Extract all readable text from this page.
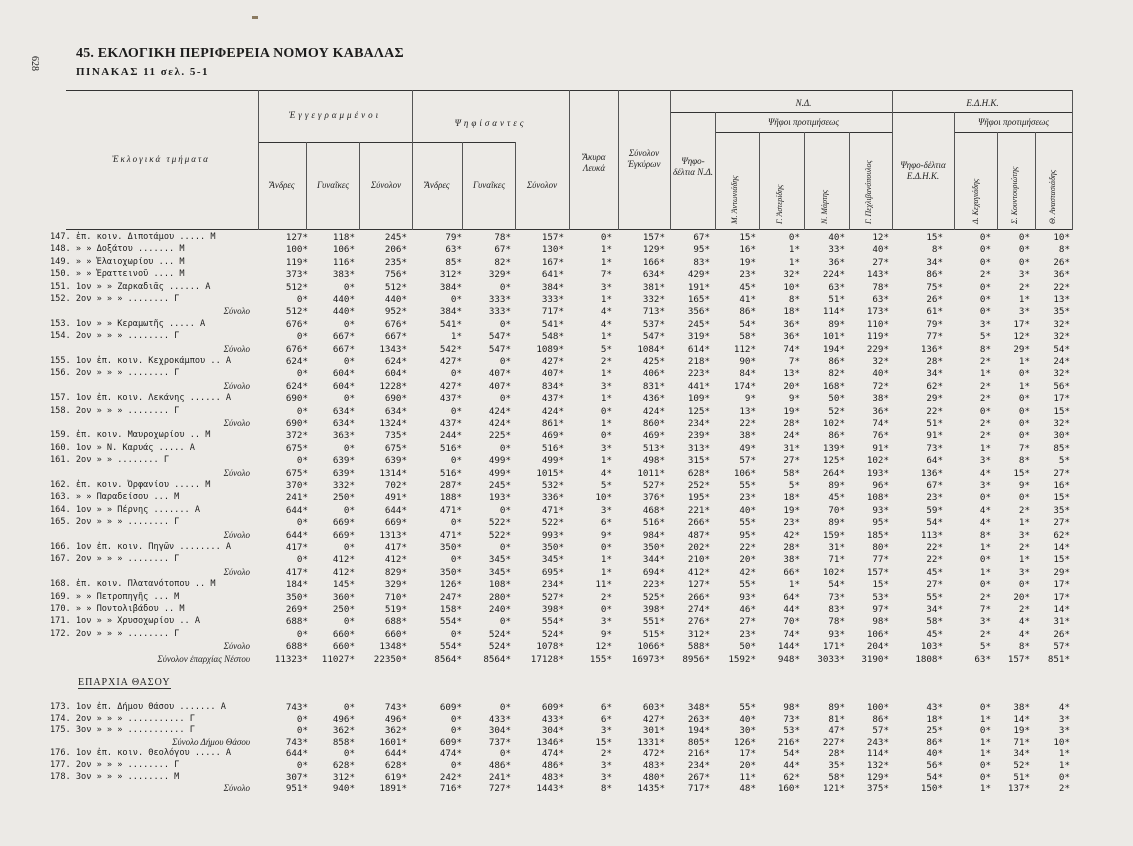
628
45. ΕΚΛΟΓΙΚΗ ΠΕΡΙΦΕΡΕΙΑ ΝΟΜΟΥ ΚΑΒΑΛΑΣ
ΠΙΝΑΚΑΣ 11 σελ. 5-1
Ἐκλογικά τμήματα
Ἐγγεγραμμένοι
Ψηφίσαντες
Ἄνδρες	Γυναῖκες	Σύνολον	Ἄνδρες	Γυναῖκες	Σύνολον
Ἄκυρα Λευκά
Σύνολον Ἐγκύρων
Ν.Δ.
Ψηφο-δέλτια Ν.Δ.
Ψῆφοι προτιμήσεως
Μ. Ἀντωνιάδης	Γ. Ἀστερίδης	Ν. Μάρτης	Γ. Πεχλιβανόπουλος
Ε.Δ.Η.Κ.
Ψηφο-δέλτια Ε.Δ.Η.Κ.
Ψῆφοι προτιμήσεως
Δ. Κεχαγιάδης	Σ. Κουντουριώτης	Θ. Αναστασιάδης
147. ἐπ. κοιν. Διποτάμου ..... Μ	127*	118*	245*	79*	78*	157*	0*	157*	67*	15*	0*	40*	12*	15*	0*	0*	10*
148. » » Δοξάτου ....... Μ	100*	106*	206*	63*	67*	130*	1*	129*	95*	16*	1*	33*	40*	8*	0*	0*	8*
149. » » Ἐλαιοχωρίου ... Μ	119*	116*	235*	85*	82*	167*	1*	166*	83*	19*	1*	36*	27*	34*	0*	0*	26*
150. » » Ἐραττεινοῦ .... Μ	373*	383*	756*	312*	329*	641*	7*	634* 429*	23*	32* 224* 143*	86*	2*	3*	36*
151. 1ον » » Ζαρκαδιᾶς ...... Α	512*	0*	512*	384*	0*	384*	3*	381* 191*	45*	10*	63*	78*	75*	0*	2*	22*
152. 2ον » » » ........ Γ	0*	440*	440*	0*	333*	333*	1*	332* 165*	41*	8*	51*	63*	26*	0*	1*	13*
Σύνολο	512*	440*	952*	384*	333*	717*	4*	713* 356*	86*	18* 114* 173*	61*	0*	3*	35*
153. 1ον » » Κεραμωτῆς ..... Α	676*	0*	676*	541*	0*	541*	4*	537* 245*	54*	36*	89* 110*	79*	3* 17*	32*
154. 2ον » » » ........ Γ	0*	667*	667*	1*	547*	548*	1*	547* 319*	58*	36* 101* 119*	77*	5* 12*	32*
Σύνολο	676*	667*	1343*	542*	547*	1089*	5*	1084* 614*	112*	74* 194* 229*	136*	8* 29*	54*
155. 1ον ἐπ. κοιν. Κεχροκάμπου .. Α	624*	0*	624*	427*	0*	427*	2*	425* 218*	90*	7*	86*	32*	28*	2*	1*	24*
156. 2ον » » » ........ Γ	0*	604*	604*	0*	407*	407*	1*	406* 223*	84*	13*	82*	40*	34*	1*	0*	32*
Σύνολο	624*	604*	1228*	427*	407*	834*	3*	831* 441*	174*	20* 168*	72*	62*	2*	1*	56*
157. 1ον ἐπ. κοιν. Λεκάνης ...... Α	690*	0*	690*	437*	0*	437*	1*	436* 109*	9*	9*	50*	38*	29*	2*	0*	17*
158. 2ον » » » ........ Γ	0*	634*	634*	0*	424*	424*	0*	424* 125*	13*	19*	52*	36*	22*	0*	0*	15*
Σύνολο	690*	634*	1324*	437*	424*	861*	1*	860* 234*	22*	28* 102*	74*	51*	2*	0*	32*
159. ἐπ. κοιν. Μαυροχωρίου .. Μ	372*	363*	735*	244*	225*	469*	0*	469* 239*	38*	24*	86*	76*	91*	2*	0*	30*
160. 1ον » Ν. Καρυάς ..... Α	675*	0*	675*	516*	0*	516*	3*	513* 313*	49*	31* 139*	91*	73*	1*	7*	85*
161. 2ον » » ........ Γ	0*	639*	639*	0*	499*	499*	1*	498* 315*	57*	27* 125* 102*	64*	3*	8*	5*
Σύνολο	675*	639*	1314*	516*	499*	1015*	4*	1011* 628*	106*	58* 264* 193*	136*	4* 15*	27*
162. ἐπ. κοιν. Ὀρφανίου ..... Μ	370*	332*	702*	287*	245*	532*	5*	527* 252*	55*	5*	89*	96*	67*	3*	9*	16*
163. » » Παραδείσου ... Μ	241*	250*	491*	188*	193*	336*	10*	376* 195*	23*	18*	45* 108*	23*	0*	0*	15*
164. 1ον » » Πέρνης ....... Α	644*	0*	644*	471*	0*	471*	3*	468* 221*	40*	19*	70*	93*	59*	4*	2*	35*
165. 2ον » » » ........ Γ	0*	669*	669*	0*	522*	522*	6*	516* 266*	55*	23*	89*	95*	54*	4*	1*	27*
Σύνολο	644*	669*	1313*	471*	522*	993*	9*	984* 487*	95*	42* 159* 185*	113*	8*	3*	62*
166. 1ον ἐπ. κοιν. Πηγῶν ........ Α	417*	0*	417*	350*	0*	350*	0*	350* 202*	22*	28*	31*	80*	22*	1*	2*	14*
167. 2ον » » » ........ Γ	0*	412*	412*	0*	345*	345*	1*	344* 210*	20*	38*	71*	77*	22*	0*	1*	15*
Σύνολο	417*	412*	829*	350*	345*	695*	1*	694* 412*	42*	66* 102* 157*	45*	1*	3*	29*
168. ἐπ. κοιν. Πλατανότοπου .. Μ	184*	145*	329*	126*	108*	234*	11*	223* 127*	55*	1*	54*	15*	27*	0*	0*	17*
169. » » Πετροπηγῆς ... Μ	350*	360*	710*	247*	280*	527*	2*	525* 266*	93*	64*	73*	53*	55*	2* 20*	17*
170. » » Ποντολιβάδου .. Μ	269*	250*	519*	158*	240*	398*	0*	398* 274*	46*	44*	83*	97*	34*	7*	2*	14*
171. 1ον » » Χρυσοχωρίου .. Α	688*	0*	688*	554*	0*	554*	3*	551* 276*	27*	70*	78*	98*	58*	3*	4*	31*
172. 2ον » » » ........ Γ	0*	660*	660*	0*	524*	524*	9*	515* 312*	23*	74*	93* 106*	45*	2*	4*	26*
Σύνολο	688*	660*	1348*	554*	524*	1078*	12*	1066* 588*	50* 144* 171* 204*	103*	5*	8*	57*
Σύνολον ἐπαρχίας Νέστου	11323* 11027* 22350*	8564* 8564* 17128*	155* 16973* 8956* 1592* 948* 3033* 3190*	1808*	63* 157* 851*
173. 1ον ἐπ. Δήμου Θάσου ....... Α	743*	0*	743*	609*	0*	609*	6*	603* 348*	55*	98*	89* 100*	43*	0* 38*	4*
174. 2ον » » » ........... Γ	0*	496*	496*	0*	433*	433*	6*	427* 263*	40*	73*	81*	86*	18*	1* 14*	3*
175. 3ον » » » ........... Γ	0*	362*	362*	0*	304*	304*	3*	301* 194*	30*	53*	47*	57*	25*	0* 19*	3*
Σύνολο Δήμου Θάσου	743*	858*	1601*	609*	737*	1346*	15*	1331* 805*	126* 216* 227* 243*	86*	1* 71*	10*
176. 1ον ἐπ. κοιν. Θεολόγου ..... Α	644*	0*	644*	474*	0*	474*	2*	472* 216*	17*	54*	28* 114*	40*	1* 34*	1*
177. 2ον » » » ........ Γ	0*	628*	628*	0*	486*	486*	3*	483* 234*	20*	44*	35* 132*	56*	0* 52*	1*
178. 3ον » » » ........ Μ	307*	312*	619*	242*	241*	483*	3*	480* 267*	11*	62*	58* 129*	54*	0* 51*	0*
Σύνολο	951*	940*	1891*	716*	727*	1443*	8*	1435* 717*	48* 160* 121* 375*	150*	1* 137*	2*
ΕΠΑΡΧΙΑ ΘΑΣΟΥ
